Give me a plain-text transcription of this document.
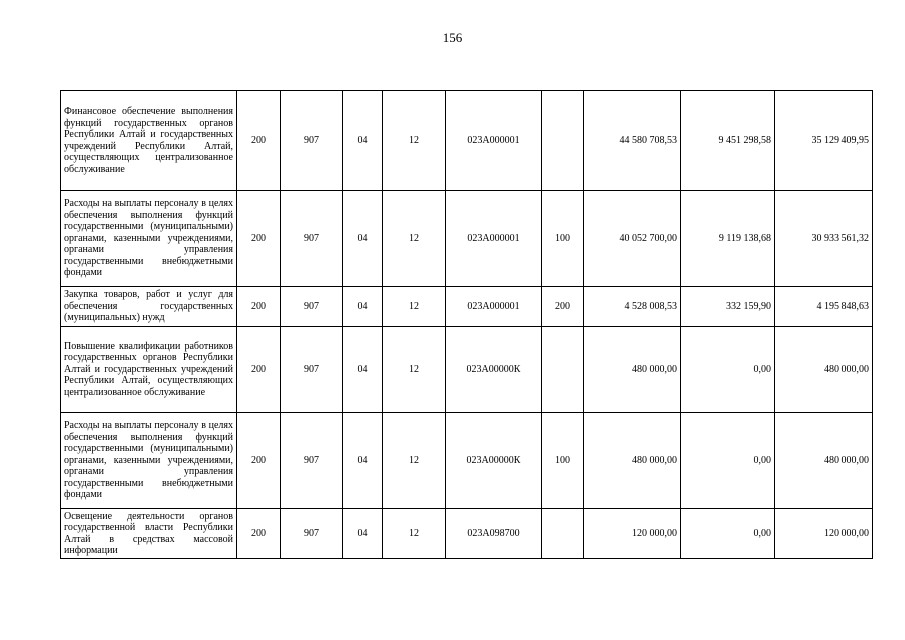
156
Финансовое обеспечение выполнения функций государственных органов Республики Алтай и государственных учреждений Республики Алтай, осуществляющих централизованное обслуживание	200	907	04	12	023А000001		44 580 708,53	9 451 298,58	35 129 409,95
Расходы на выплаты персоналу в целях обеспечения выполнения функций государственными (муниципальными) органами, казенными учреждениями, органами управления государственными внебюджетными фондами	200	907	04	12	023А000001	100	40 052 700,00	9 119 138,68	30 933 561,32
Закупка товаров, работ и услуг для обеспечения государственных (муниципальных) нужд	200	907	04	12	023А000001	200	4 528 008,53	332 159,90	4 195 848,63
Повышение квалификации работников государственных органов Республики Алтай и государственных учреждений Республики Алтай, осуществляющих централизованное обслуживание	200	907	04	12	023А00000К		480 000,00	0,00	480 000,00
Расходы на выплаты персоналу в целях обеспечения выполнения функций государственными (муниципальными) органами, казенными учреждениями, органами управления государственными внебюджетными фондами	200	907	04	12	023А00000К	100	480 000,00	0,00	480 000,00
Освещение деятельности органов государственной власти Республики Алтай в средствах массовой информации	200	907	04	12	023А098700		120 000,00	0,00	120 000,00
